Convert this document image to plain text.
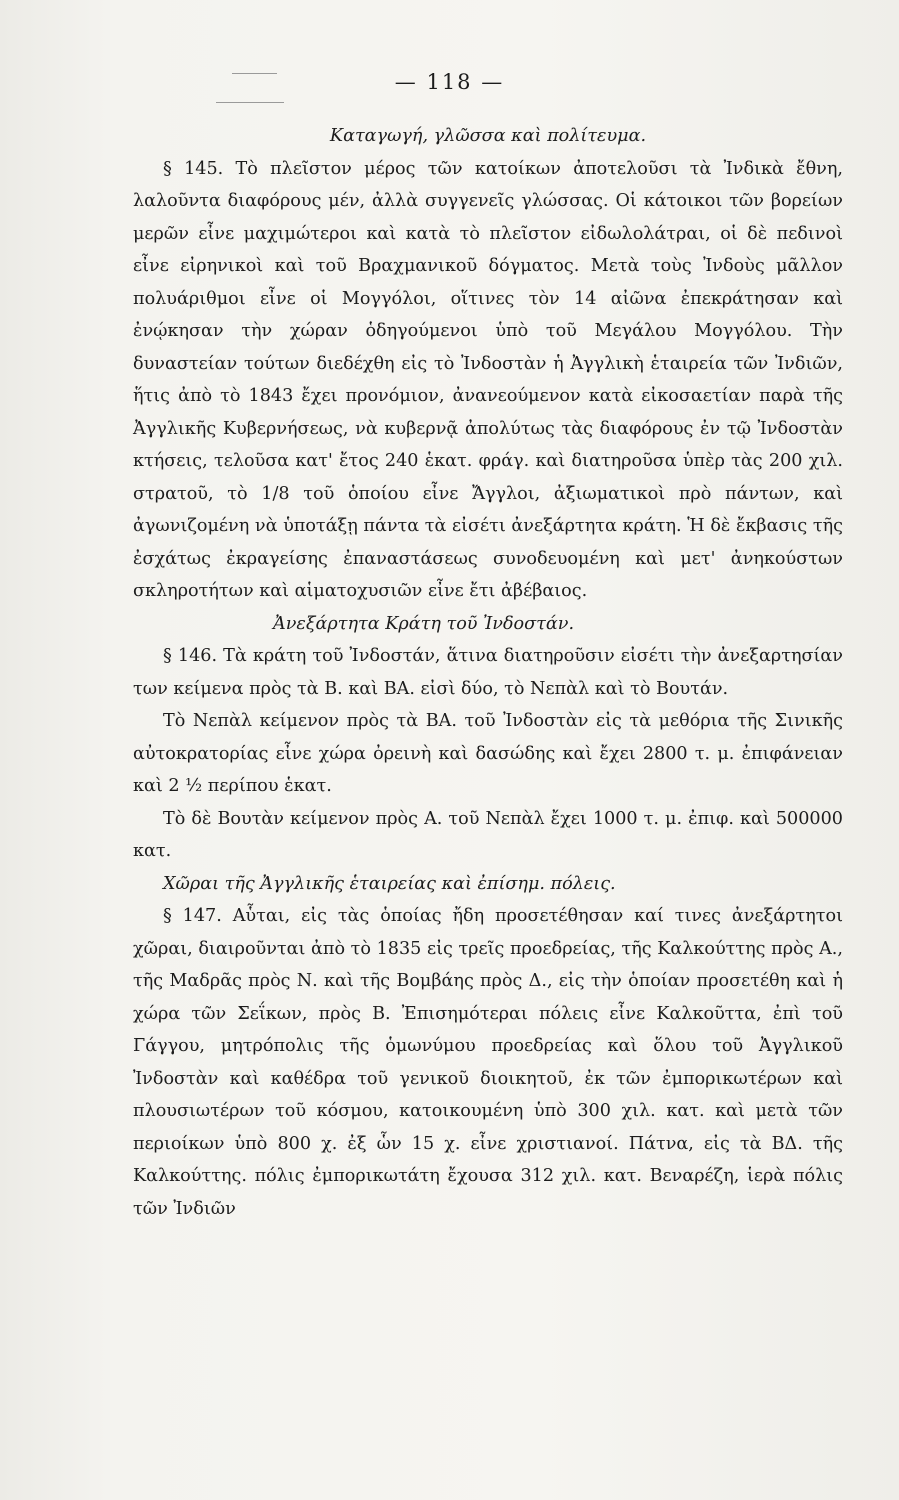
— 118 —

Καταγωγή, γλῶσσα καὶ πολίτευμα.

§ 145. Τὸ πλεῖστον μέρος τῶν κατοίκων ἀποτελοῦσι τὰ Ἰνδικὰ ἔθνη, λαλοῦντα διαφόρους μέν, ἀλλὰ συγγενεῖς γλώσσας. Οἱ κάτοικοι τῶν βορείων μερῶν εἶνε μαχιμώτεροι καὶ κατὰ τὸ πλεῖστον εἰδωλολάτραι, οἱ δὲ πεδινοὶ εἶνε εἰρηνικοὶ καὶ τοῦ Βραχμανικοῦ δόγματος. Μετὰ τοὺς Ἰνδοὺς μᾶλλον πολυάριθμοι εἶνε οἱ Μογγόλοι, οἵτινες τὸν 14 αἰῶνα ἐπεκράτησαν καὶ ἐνῴκησαν τὴν χώραν ὁδηγούμενοι ὑπὸ τοῦ Μεγάλου Μογγόλου. Τὴν δυναστείαν τούτων διεδέχθη εἰς τὸ Ἰνδοστὰν ἡ Ἀγγλικὴ ἑταιρεία τῶν Ἰνδιῶν, ἥτις ἀπὸ τὸ 1843 ἔχει προνόμιον, ἀνανεούμενον κατὰ εἰκοσαετίαν παρὰ τῆς Ἀγγλικῆς Κυβερνήσεως, νὰ κυβερνᾷ ἀπολύτως τὰς διαφόρους ἐν τῷ Ἰνδοστὰν κτήσεις, τελοῦσα κατ' ἔτος 240 ἑκατ. φράγ. καὶ διατηροῦσα ὑπὲρ τὰς 200 χιλ. στρατοῦ, τὸ 1/8 τοῦ ὁποίου εἶνε Ἄγγλοι, ἀξιωματικοὶ πρὸ πάντων, καὶ ἀγωνιζομένη νὰ ὑποτάξῃ πάντα τὰ εἰσέτι ἀνεξάρτητα κράτη. Ἡ δὲ ἔκβασις τῆς ἐσχάτως ἐκραγείσης ἐπαναστάσεως συνοδευομένη καὶ μετ' ἀνηκούστων σκληροτήτων καὶ αἱματοχυσιῶν εἶνε ἔτι ἀβέβαιος.

Ἀνεξάρτητα Κράτη τοῦ Ἰνδοστάν.

§ 146. Τὰ κράτη τοῦ Ἰνδοστάν, ἅτινα διατηροῦσιν εἰσέτι τὴν ἀνεξαρτησίαν των κείμενα πρὸς τὰ Β. καὶ ΒΑ. εἰσὶ δύο, τὸ Νεπὰλ καὶ τὸ Βουτάν.

Τὸ Νεπὰλ κείμενον πρὸς τὰ ΒΑ. τοῦ Ἰνδοστὰν εἰς τὰ μεθόρια τῆς Σινικῆς αὐτοκρατορίας εἶνε χώρα ὀρεινὴ καὶ δασώδης καὶ ἔχει 2800 τ. μ. ἐπιφάνειαν καὶ 2 ½ περίπου ἑκατ.

Τὸ δὲ Βουτὰν κείμενον πρὸς Α. τοῦ Νεπὰλ ἔχει 1000 τ. μ. ἐπιφ. καὶ 500000 κατ.

Χῶραι τῆς Ἀγγλικῆς ἑταιρείας καὶ ἐπίσημ. πόλεις.

§ 147. Αὗται, εἰς τὰς ὁποίας ἤδη προσετέθησαν καί τινες ἀνεξάρτητοι χῶραι, διαιροῦνται ἀπὸ τὸ 1835 εἰς τρεῖς προεδρείας, τῆς Καλκούττης πρὸς Α., τῆς Μαδρᾶς πρὸς Ν. καὶ τῆς Βομβάης πρὸς Δ., εἰς τὴν ὁποίαν προσετέθη καὶ ἡ χώρα τῶν Σεΐκων, πρὸς Β. Ἐπισημότεραι πόλεις εἶνε Καλκοῦττα, ἐπὶ τοῦ Γάγγου, μητρόπολις τῆς ὁμωνύμου προεδρείας καὶ ὅλου τοῦ Ἀγγλικοῦ Ἰνδοστὰν καὶ καθέδρα τοῦ γενικοῦ διοικητοῦ, ἐκ τῶν ἐμπορικωτέρων καὶ πλουσιωτέρων τοῦ κόσμου, κατοικουμένη ὑπὸ 300 χιλ. κατ. καὶ μετὰ τῶν περιοίκων ὑπὸ 800 χ. ἐξ ὧν 15 χ. εἶνε χριστιανοί. Πάτνα, εἰς τὰ ΒΔ. τῆς Καλκούττης. πόλις ἐμπορικωτάτη ἔχουσα 312 χιλ. κατ. Βεναρέζη, ἱερὰ πόλις τῶν Ἰνδιῶν
